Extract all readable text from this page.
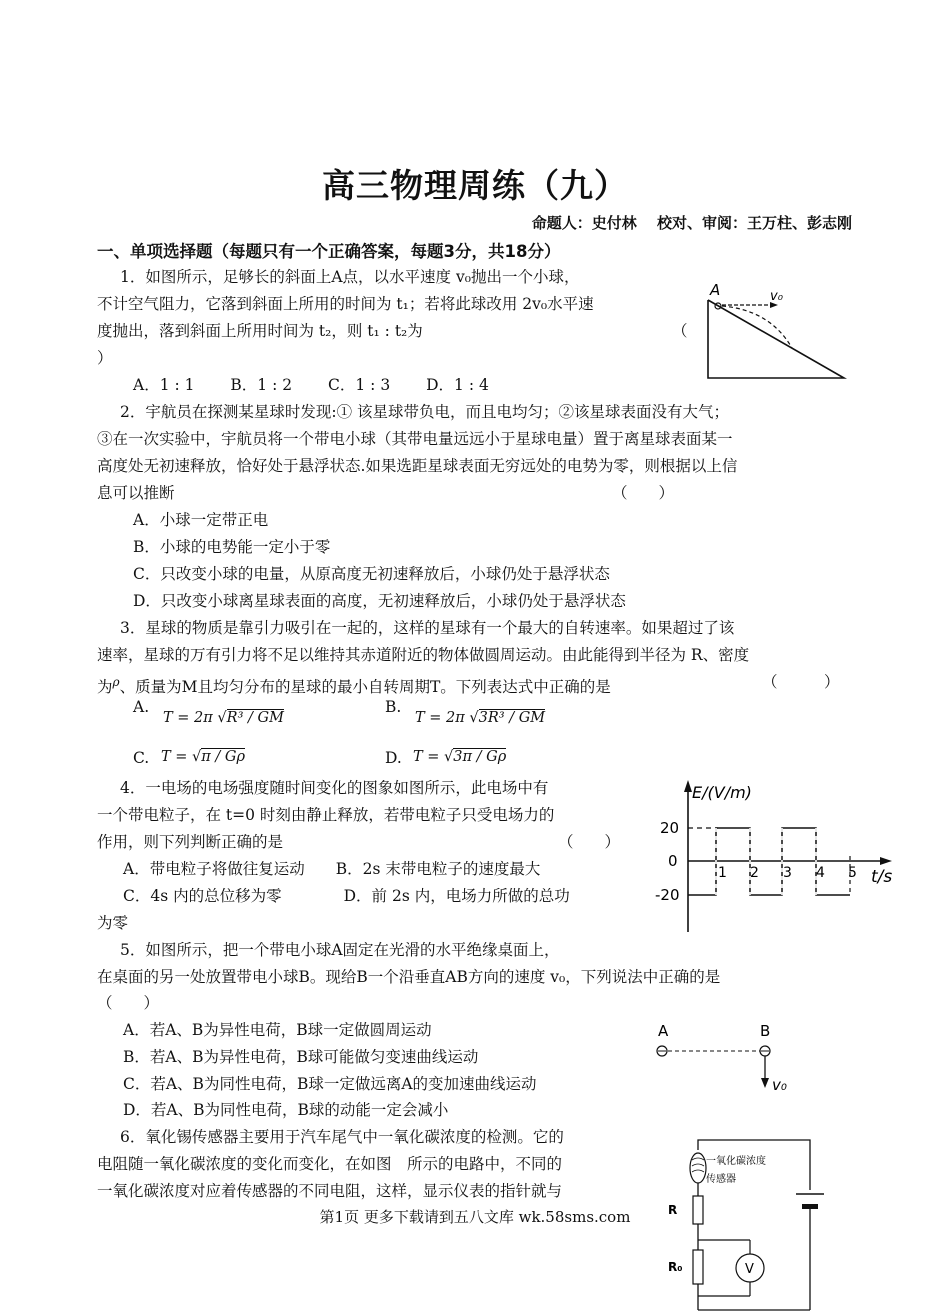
高三物理周练（九）
命题人：史付林　 校对、审阅：王万柱、彭志刚
一、单项选择题（每题只有一个正确答案，每题3分，共18分）
1．如图所示，足够长的斜面上A点，以水平速度 v₀抛出一个小球，
不计空气阻力，它落到斜面上所用的时间为 t₁；若将此球改用 2v₀水平速
度抛出，落到斜面上所用时间为 t₂，则 t₁ : t₂为	（
）
A．1 : 1　　 B．1 : 2　　 C．1 : 3　　 D．1 : 4
A	v₀
2．宇航员在探测某星球时发现:① 该星球带负电，而且电均匀；②该星球表面没有大气；
③在一次实验中，宇航员将一个带电小球（其带电量远远小于星球电量）置于离星球表面某一
高度处无初速释放，恰好处于悬浮状态.如果选距星球表面无穷远处的电势为零，则根据以上信
息可以推断	（　　）
A．小球一定带正电
B．小球的电势能一定小于零
C．只改变小球的电量，从原高度无初速释放后，小球仍处于悬浮状态
D．只改变小球离星球表面的高度，无初速释放后，小球仍处于悬浮状态
3．星球的物质是靠引力吸引在一起的，这样的星球有一个最大的自转速率。如果超过了该
速率，星球的万有引力将不足以维持其赤道附近的物体做圆周运动。由此能得到半径为 R、密度
为$^\rho$、质量为M且均匀分布的星球的最小自转周期T。下列表达式中正确的是	（　　　）
A.
T = 2π √R³ / GM
B.
T = 2π √3R³ / GM
C. T = √π / Gρ	D. T = √3π / Gρ
4．一电场的电场强度随时间变化的图象如图所示，此电场中有
一个带电粒子，在 t=0 时刻由静止释放，若带电粒子只受电场力的
作用，则下列判断正确的是	（　　）
A．带电粒子将做往复运动　　B．2s 末带电粒子的速度最大
C．4s 内的总位移为零　　　　D．前 2s 内，电场力所做的总功
为零
E/(V/m)
t/s
20
0
-20
1 2 3 4 5
5．如图所示，把一个带电小球A固定在光滑的水平绝缘桌面上，
在桌面的另一处放置带电小球B。现给B一个沿垂直AB方向的速度 v₀，下列说法中正确的是
（　　）
A．若A、B为异性电荷，B球一定做圆周运动
B．若A、B为异性电荷，B球可能做匀变速曲线运动
C．若A、B为同性电荷，B球一定做远离A的变加速曲线运动
D．若A、B为同性电荷，B球的动能一定会减小
A	B
v₀
6．氧化锡传感器主要用于汽车尾气中一氧化碳浓度的检测。它的
电阻随一氧化碳浓度的变化而变化，在如图　所示的电路中，不同的
一氧化碳浓度对应着传感器的不同电阻，这样，显示仪表的指针就与
一氧化碳浓度
传感器
R
R₀	V
第1页 更多下载请到五八文库 wk.58sms.com
